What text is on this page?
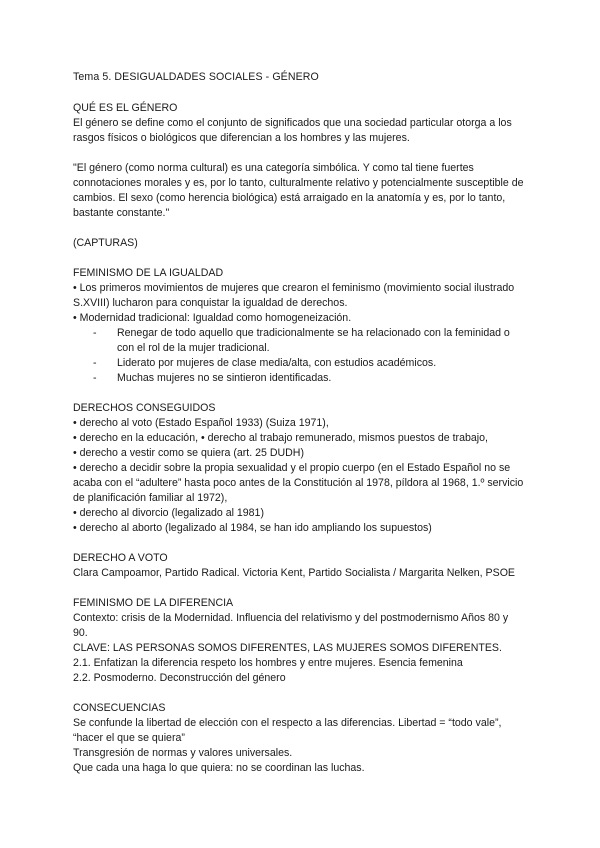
Tema 5. DESIGUALDADES SOCIALES - GÉNERO

QUÉ ES EL GÉNERO

El género se define como el conjunto de significados que una sociedad particular otorga a los rasgos físicos o biológicos que diferencian a los hombres y las mujeres.

"El género (como norma cultural) es una categoría simbólica. Y como tal tiene fuertes connotaciones morales y es, por lo tanto, culturalmente relativo y potencialmente susceptible de cambios. El sexo (como herencia biológica) está arraigado en la anatomía y es, por lo tanto, bastante constante."

(CAPTURAS)

FEMINISMO DE LA IGUALDAD

• Los primeros movimientos de mujeres que crearon el feminismo (movimiento social ilustrado S.XVIII) lucharon para conquistar la igualdad de derechos.

• Modernidad tradicional: Igualdad como homogeneización.

- Renegar de todo aquello que tradicionalmente se ha relacionado con la feminidad o con el rol de la mujer tradicional.
- Liderato por mujeres de clase media/alta, con estudios académicos.
- Muchas mujeres no se sintieron identificadas.

DERECHOS CONSEGUIDOS

• derecho al voto (Estado Español 1933) (Suiza 1971),
• derecho en la educación, • derecho al trabajo remunerado, mismos puestos de trabajo,
• derecho a vestir como se quiera (art. 25 DUDH)
• derecho a decidir sobre la propia sexualidad y el propio cuerpo (en el Estado Español no se acaba con el “adultere” hasta poco antes de la Constitución al 1978, píldora al 1968, 1.º servicio de planificación familiar al 1972),
• derecho al divorcio (legalizado al 1981)
• derecho al aborto (legalizado al 1984, se han ido ampliando los supuestos)

DERECHO A VOTO

Clara Campoamor, Partido Radical. Victoria Kent, Partido Socialista / Margarita Nelken, PSOE

FEMINISMO DE LA DIFERENCIA

Contexto: crisis de la Modernidad. Influencia del relativismo y del postmodernismo Años 80 y 90.

CLAVE: LAS PERSONAS SOMOS DIFERENTES, LAS MUJERES SOMOS DIFERENTES.

2.1. Enfatizan la diferencia respeto los hombres y entre mujeres. Esencia femenina

2.2. Posmoderno. Deconstrucción del género

CONSECUENCIAS

Se confunde la libertad de elección con el respecto a las diferencias. Libertad = “todo vale”, “hacer el que se quiera”

Transgresión de normas y valores universales.

Que cada una haga lo que quiera: no se coordinan las luchas.
